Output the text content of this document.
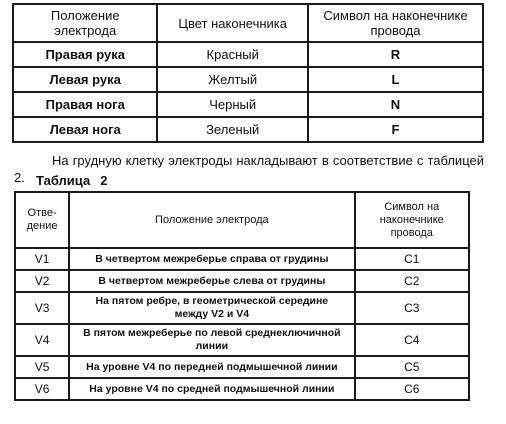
Положение
электрода	Цвет наконечника	Символ на наконечнике
провода
Правая рука	Красный	R
Левая рука	Желтый	L
Правая нога	Черный	N
Левая нога	Зеленый	F

На грудную клетку электроды накладывают в соответствие с таблицей 2. Таблица 2
Отве-
дение	Положение электрода	Символ на
наконечнике
провода
V1	В четвертом межреберье справа от грудины	C1
V2	В четвертом межреберье слева от грудины	C2
V3	На пятом ребре, в геометрической середине
между V2 и V4	C3
V4	В пятом межреберье по левой среднеключичной
линии	C4
V5	На уровне V4 по передней подмышечной линии	C5
V6	На уровне V4 по средней подмышечной линии	C6
